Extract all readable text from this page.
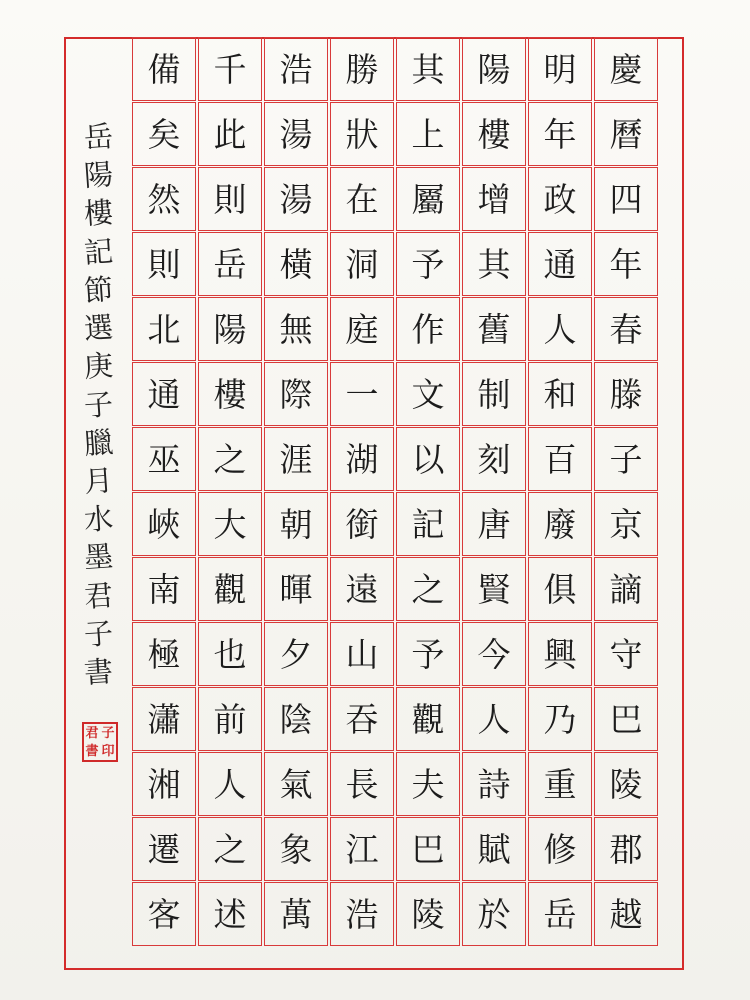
慶
曆
四
年
春
滕
子
京
謫
守
巴
陵
郡
越
明
年
政
通
人
和
百
廢
俱
興
乃
重
修
岳
陽
樓
增
其
舊
制
刻
唐
賢
今
人
詩
賦
於
其
上
屬
予
作
文
以
記
之
予
觀
夫
巴
陵
勝
狀
在
洞
庭
一
湖
銜
遠
山
吞
長
江
浩
浩
湯
湯
橫
無
際
涯
朝
暉
夕
陰
氣
象
萬
千
此
則
岳
陽
樓
之
大
觀
也
前
人
之
述
備
矣
然
則
北
通
巫
峽
南
極
瀟
湘
遷
客
岳
陽
樓
記
節
選
庚
子
臘
月
水
墨
君
子
書
君 子
書 印
